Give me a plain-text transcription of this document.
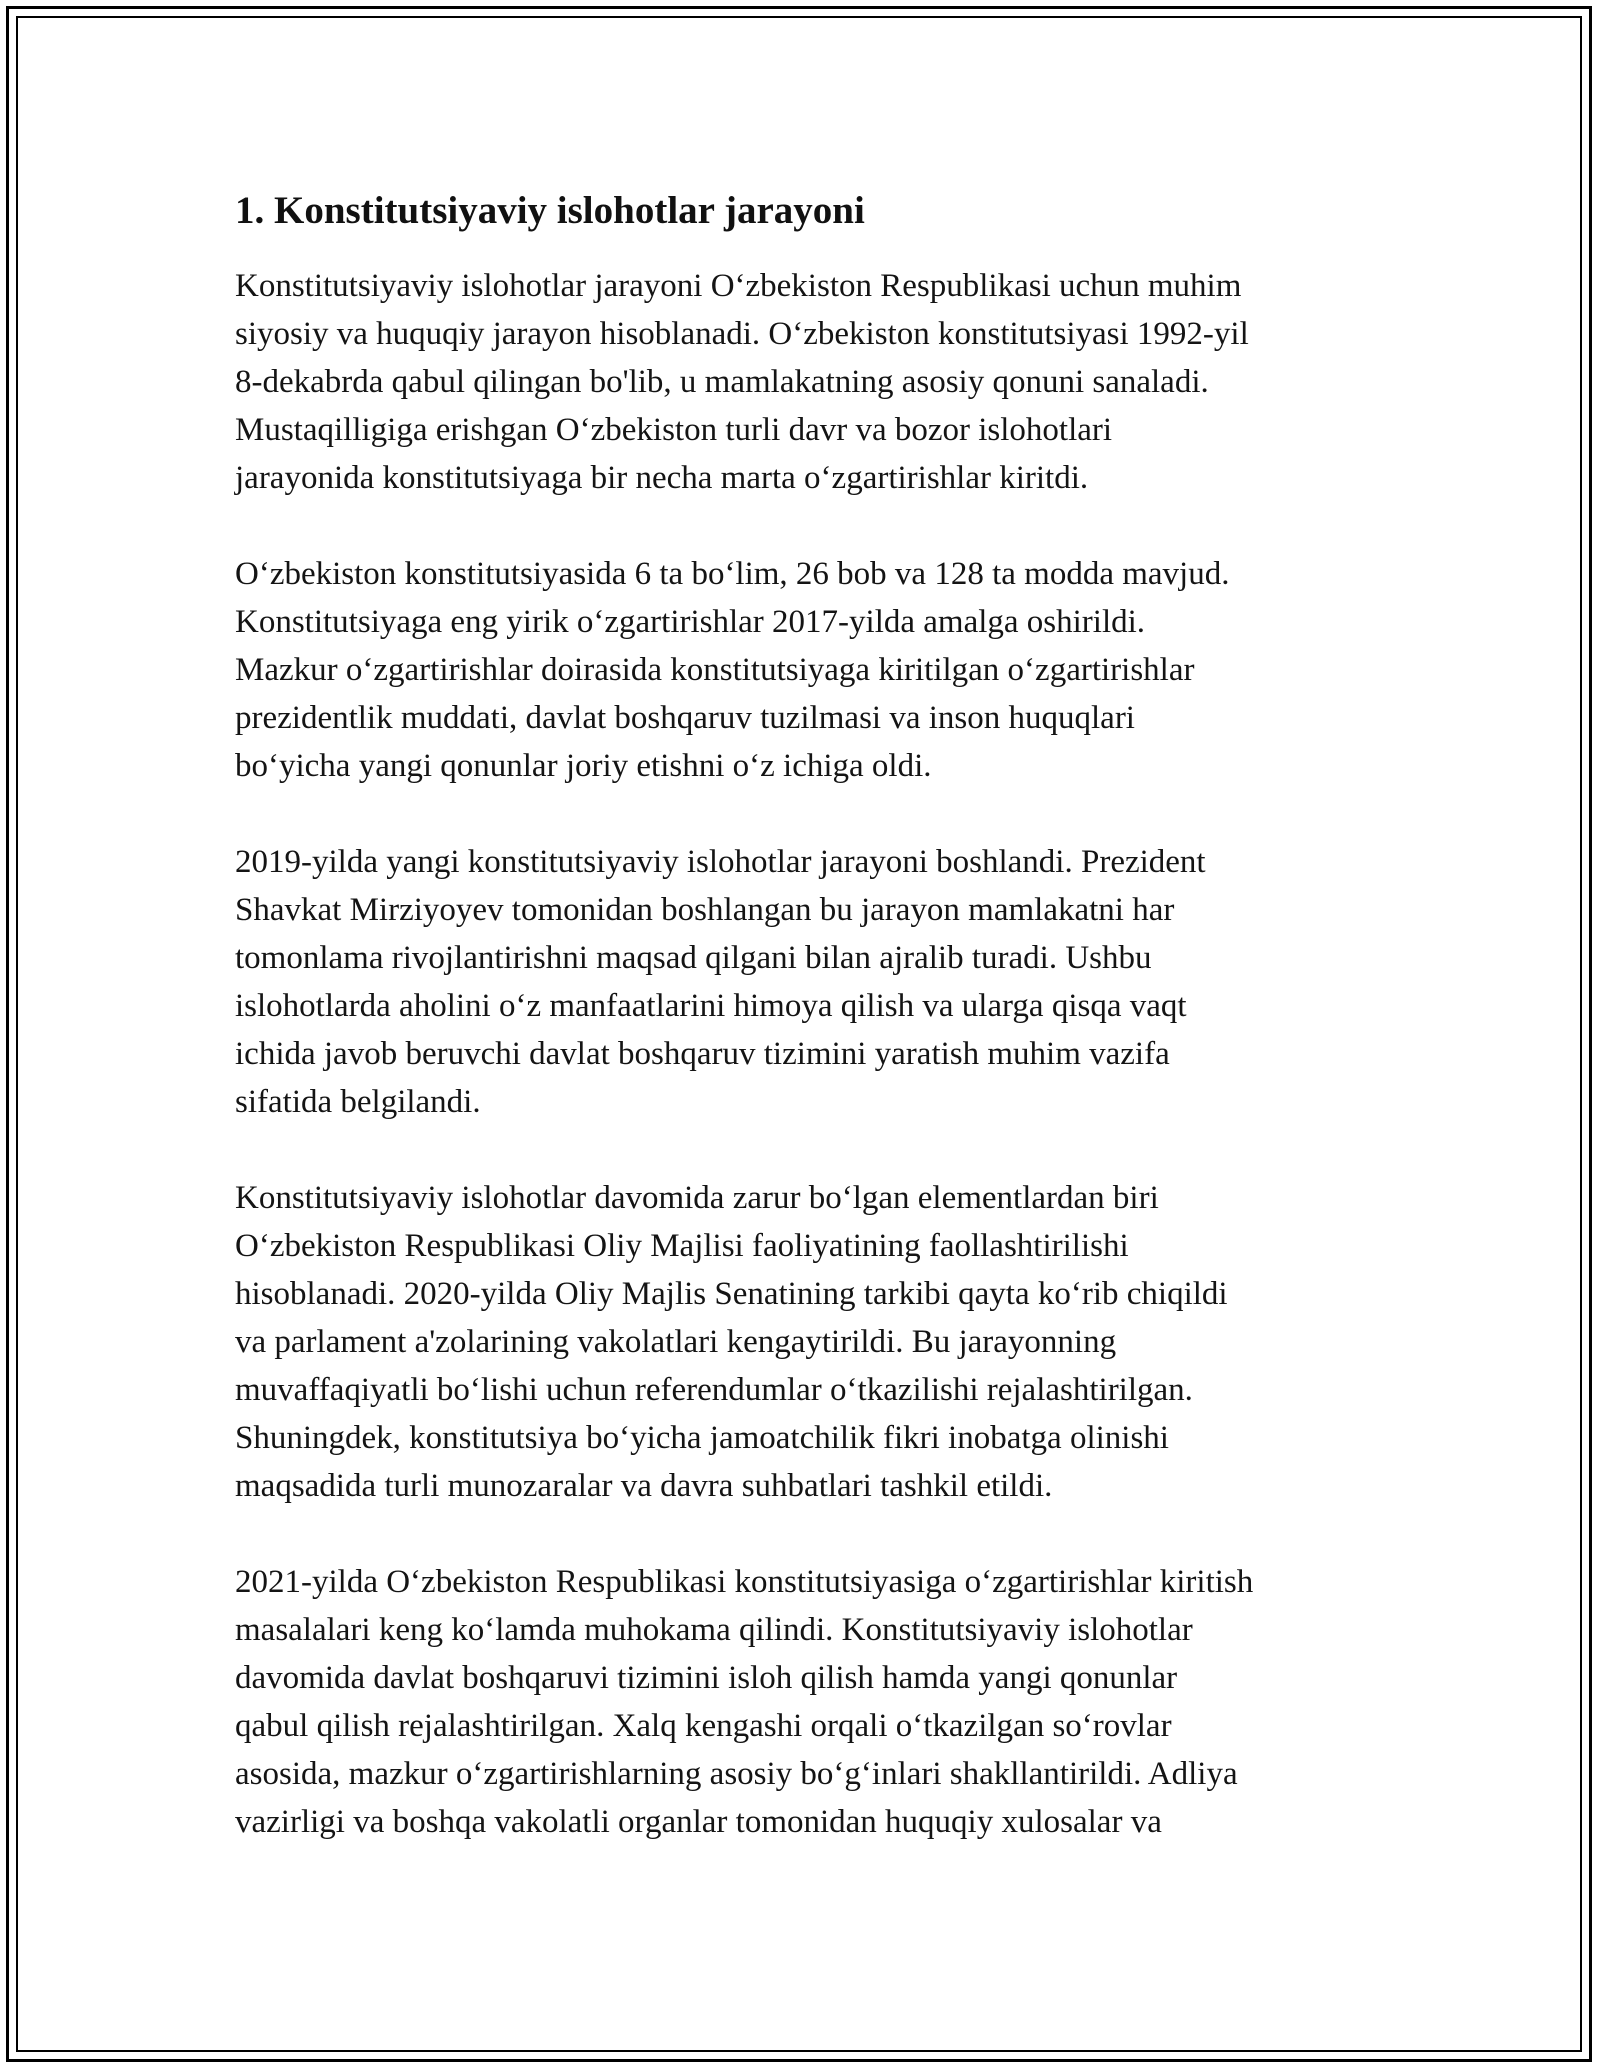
1. Konstitutsiyaviy islohotlar jarayoni

Konstitutsiyaviy islohotlar jarayoni O‘zbekiston Respublikasi uchun muhim
siyosiy va huquqiy jarayon hisoblanadi. O‘zbekiston konstitutsiyasi 1992-yil
8-dekabrda qabul qilingan bo'lib, u mamlakatning asosiy qonuni sanaladi.
Mustaqilligiga erishgan O‘zbekiston turli davr va bozor islohotlari
jarayonida konstitutsiyaga bir necha marta o‘zgartirishlar kiritdi.

O‘zbekiston konstitutsiyasida 6 ta bo‘lim, 26 bob va 128 ta modda mavjud.
Konstitutsiyaga eng yirik o‘zgartirishlar 2017-yilda amalga oshirildi.
Mazkur o‘zgartirishlar doirasida konstitutsiyaga kiritilgan o‘zgartirishlar
prezidentlik muddati, davlat boshqaruv tuzilmasi va inson huquqlari
bo‘yicha yangi qonunlar joriy etishni o‘z ichiga oldi.

2019-yilda yangi konstitutsiyaviy islohotlar jarayoni boshlandi. Prezident
Shavkat Mirziyoyev tomonidan boshlangan bu jarayon mamlakatni har
tomonlama rivojlantirishni maqsad qilgani bilan ajralib turadi. Ushbu
islohotlarda aholini o‘z manfaatlarini himoya qilish va ularga qisqa vaqt
ichida javob beruvchi davlat boshqaruv tizimini yaratish muhim vazifa
sifatida belgilandi.

Konstitutsiyaviy islohotlar davomida zarur bo‘lgan elementlardan biri
O‘zbekiston Respublikasi Oliy Majlisi faoliyatining faollashtirilishi
hisoblanadi. 2020-yilda Oliy Majlis Senatining tarkibi qayta ko‘rib chiqildi
va parlament a'zolarining vakolatlari kengaytirildi. Bu jarayonning
muvaffaqiyatli bo‘lishi uchun referendumlar o‘tkazilishi rejalashtirilgan.
Shuningdek, konstitutsiya bo‘yicha jamoatchilik fikri inobatga olinishi
maqsadida turli munozaralar va davra suhbatlari tashkil etildi.

2021-yilda O‘zbekiston Respublikasi konstitutsiyasiga o‘zgartirishlar kiritish
masalalari keng ko‘lamda muhokama qilindi. Konstitutsiyaviy islohotlar
davomida davlat boshqaruvi tizimini isloh qilish hamda yangi qonunlar
qabul qilish rejalashtirilgan. Xalq kengashi orqali o‘tkazilgan so‘rovlar
asosida, mazkur o‘zgartirishlarning asosiy bo‘g‘inlari shakllantirildi. Adliya
vazirligi va boshqa vakolatli organlar tomonidan huquqiy xulosalar va
